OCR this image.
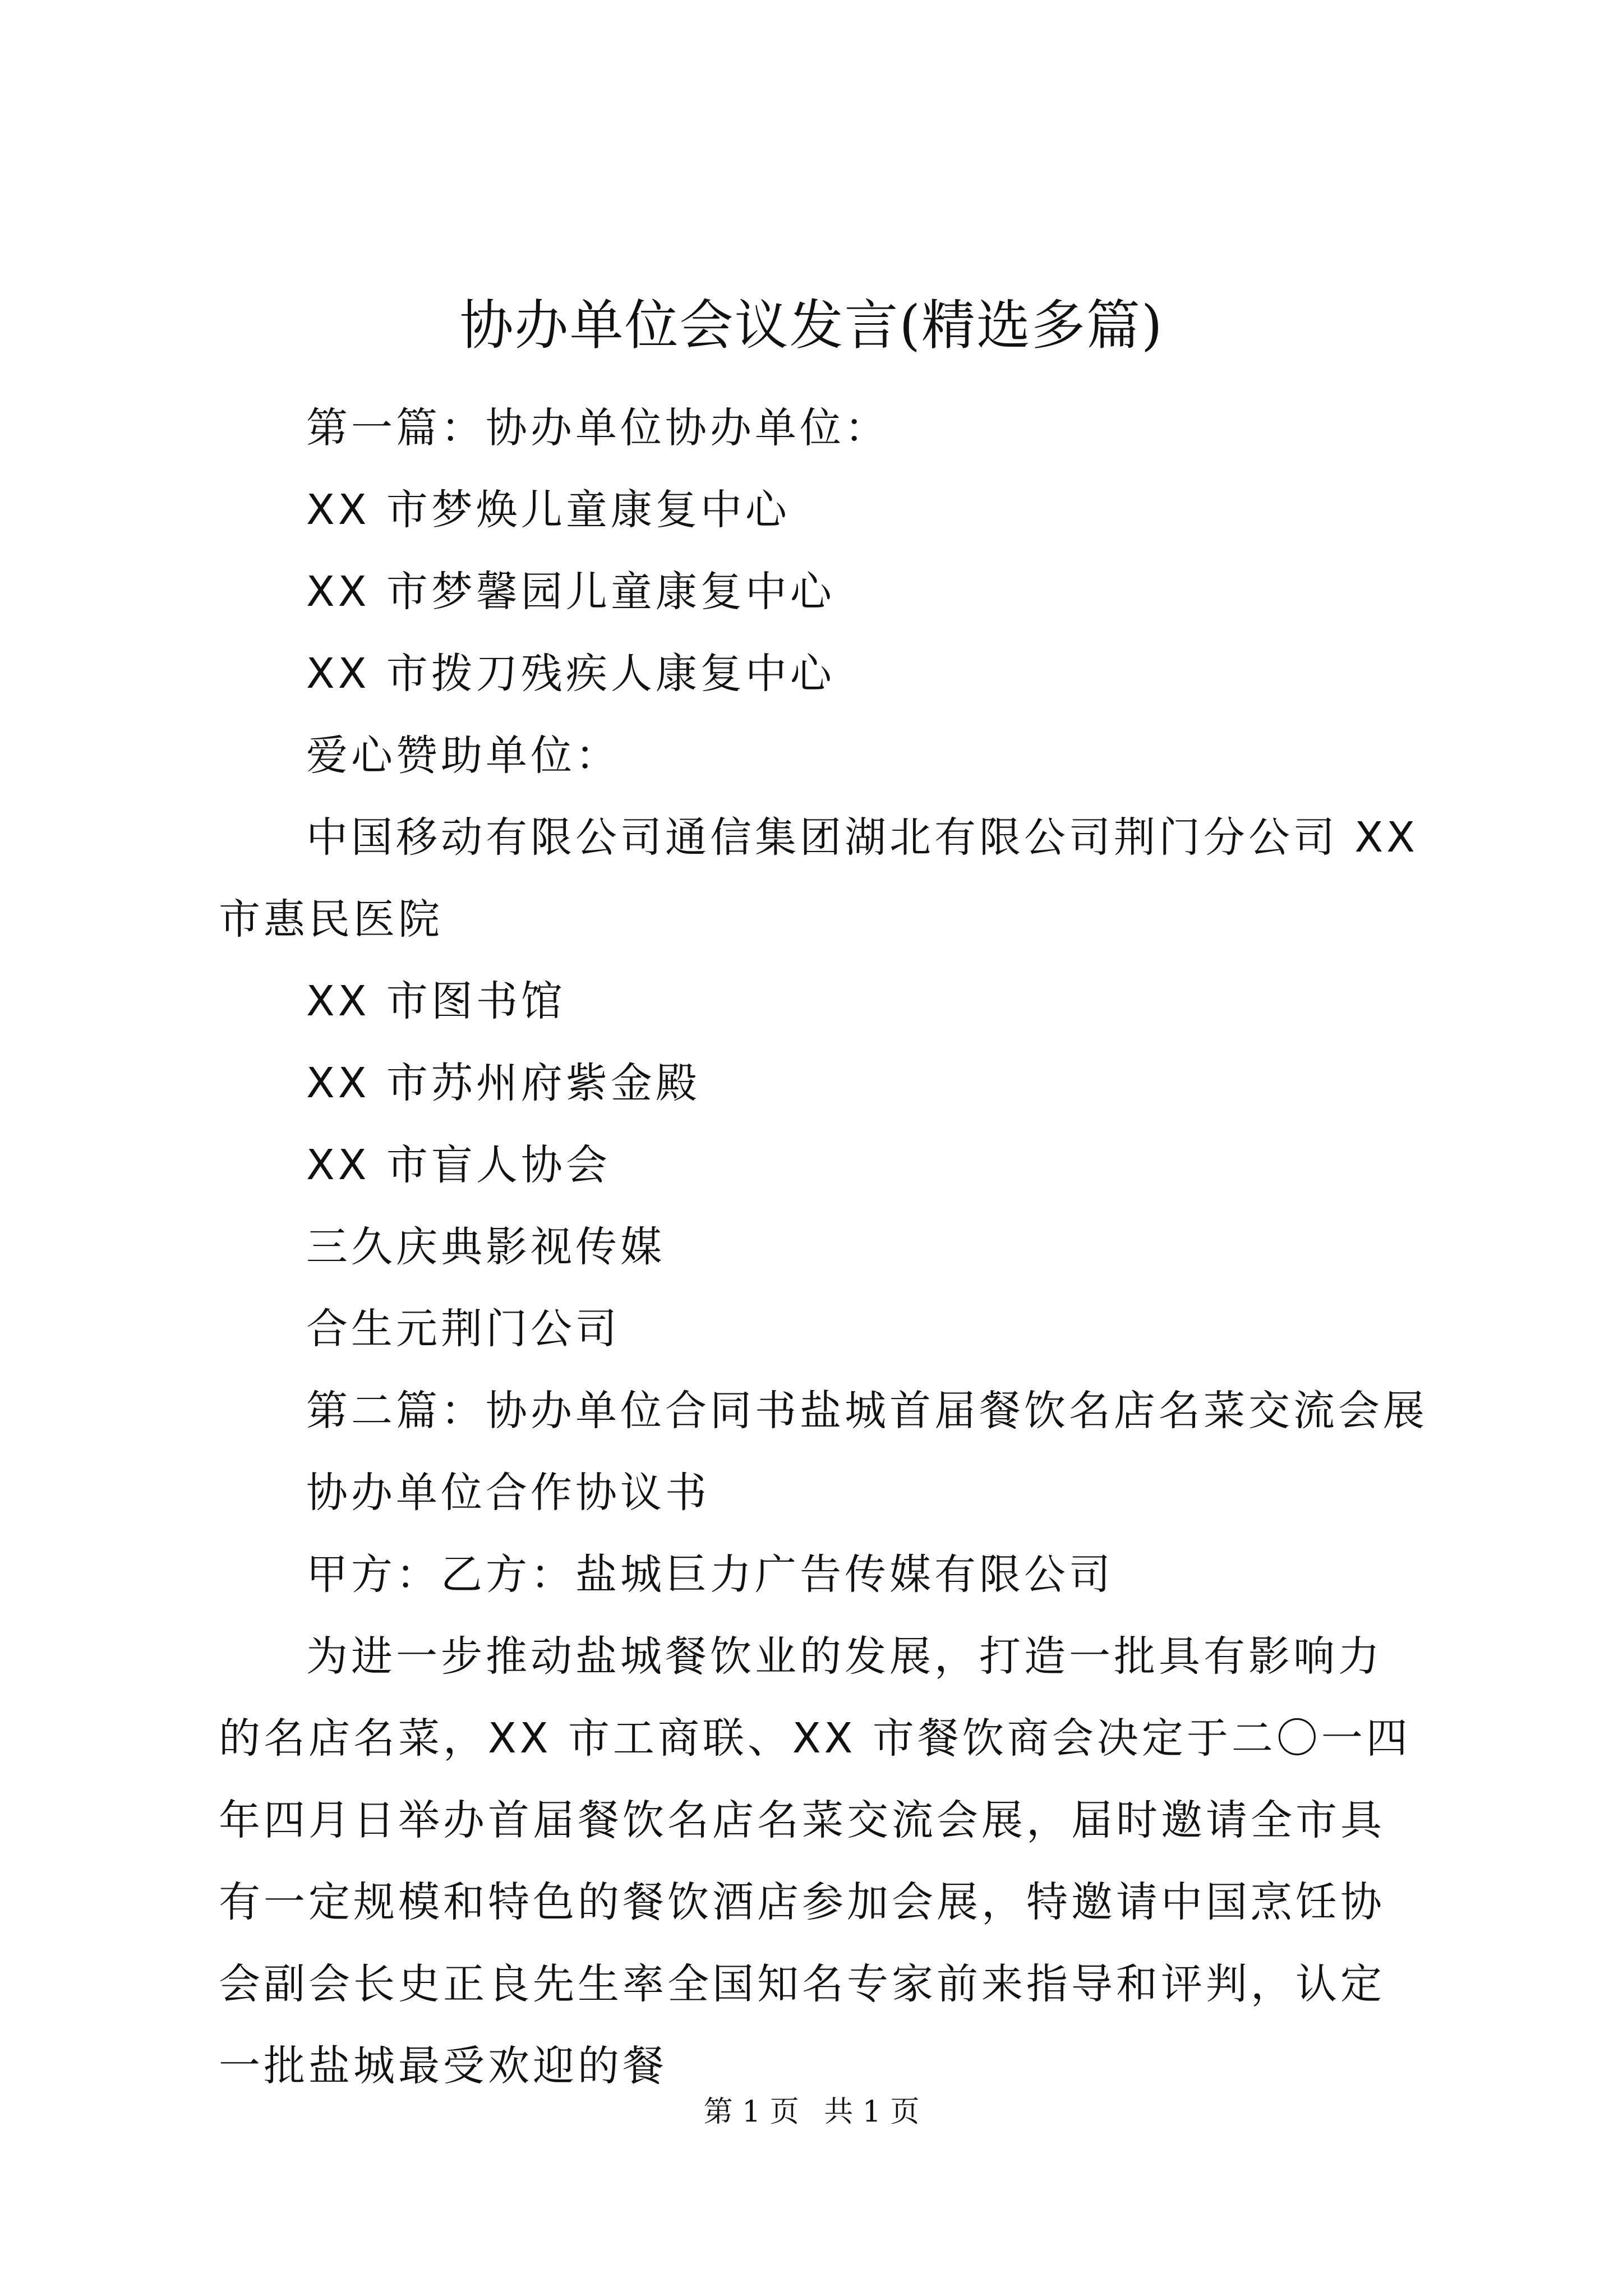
协办单位会议发言(精选多篇)

第一篇：协办单位协办单位：

XX 市梦焕儿童康复中心

XX 市梦馨园儿童康复中心

XX 市拨刀残疾人康复中心

爱心赞助单位：

中国移动有限公司通信集团湖北有限公司荆门分公司 XX 市惠民医院

XX 市图书馆

XX 市苏州府紫金殿

XX 市盲人协会

三久庆典影视传媒

合生元荆门公司

第二篇：协办单位合同书盐城首届餐饮名店名菜交流会展

协办单位合作协议书

甲方：乙方：盐城巨力广告传媒有限公司

为进一步推动盐城餐饮业的发展，打造一批具有影响力的名店名菜，XX 市工商联、XX 市餐饮商会决定于二〇一四年四月日举办首届餐饮名店名菜交流会展，届时邀请全市具有一定规模和特色的餐饮酒店参加会展，特邀请中国烹饪协会副会长史正良先生率全国知名专家前来指导和评判，认定一批盐城最受欢迎的餐

第 1 页 共 1 页
